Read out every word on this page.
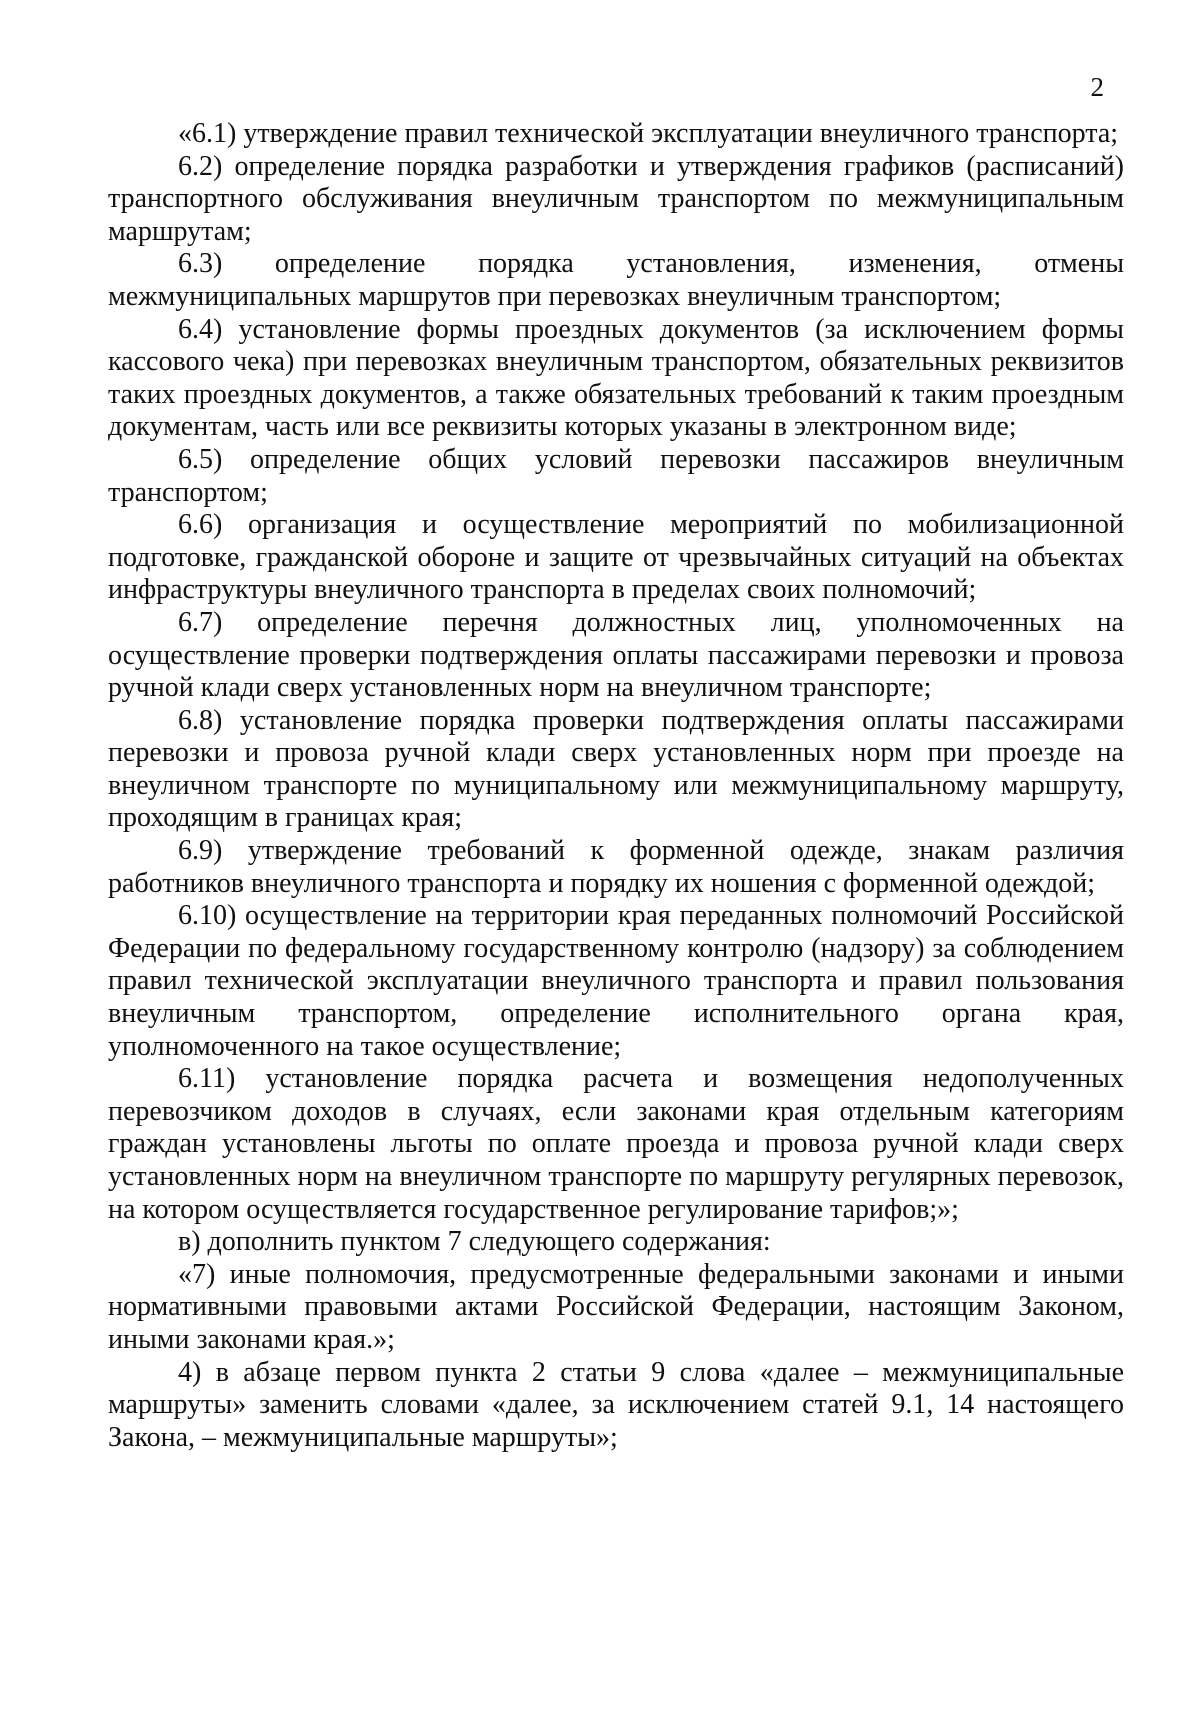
2

«6.1) утверждение правил технической эксплуатации внеуличного транспорта;

6.2) определение порядка разработки и утверждения графиков (расписаний) транспортного обслуживания внеуличным транспортом по межмуниципальным маршрутам;

6.3) определение порядка установления, изменения, отмены межмуниципальных маршрутов при перевозках внеуличным транспортом;

6.4) установление формы проездных документов (за исключением формы кассового чека) при перевозках внеуличным транспортом, обязательных реквизитов таких проездных документов, а также обязательных требований к таким проездным документам, часть или все реквизиты которых указаны в электронном виде;

6.5) определение общих условий перевозки пассажиров внеуличным транспортом;

6.6) организация и осуществление мероприятий по мобилизационной подготовке, гражданской обороне и защите от чрезвычайных ситуаций на объектах инфраструктуры внеуличного транспорта в пределах своих полномочий;

6.7) определение перечня должностных лиц, уполномоченных на осуществление проверки подтверждения оплаты пассажирами перевозки и провоза ручной клади сверх установленных норм на внеуличном транспорте;

6.8) установление порядка проверки подтверждения оплаты пассажирами перевозки и провоза ручной клади сверх установленных норм при проезде на внеуличном транспорте по муниципальному или межмуниципальному маршруту, проходящим в границах края;

6.9) утверждение требований к форменной одежде, знакам различия работников внеуличного транспорта и порядку их ношения с форменной одеждой;

6.10) осуществление на территории края переданных полномочий Российской Федерации по федеральному государственному контролю (надзору) за соблюдением правил технической эксплуатации внеуличного транспорта и правил пользования внеуличным транспортом, определение исполнительного органа края, уполномоченного на такое осуществление;

6.11) установление порядка расчета и возмещения недополученных перевозчиком доходов в случаях, если законами края отдельным категориям граждан установлены льготы по оплате проезда и провоза ручной клади сверх установленных норм на внеуличном транспорте по маршруту регулярных перевозок, на котором осуществляется государственное регулирование тарифов;»;

в) дополнить пунктом 7 следующего содержания:

«7) иные полномочия, предусмотренные федеральными законами и иными нормативными правовыми актами Российской Федерации, настоящим Законом, иными законами края.»;

4) в абзаце первом пункта 2 статьи 9 слова «далее – межмуниципальные маршруты» заменить словами «далее, за исключением статей 9.1, 14 настоящего Закона, – межмуниципальные маршруты»;
